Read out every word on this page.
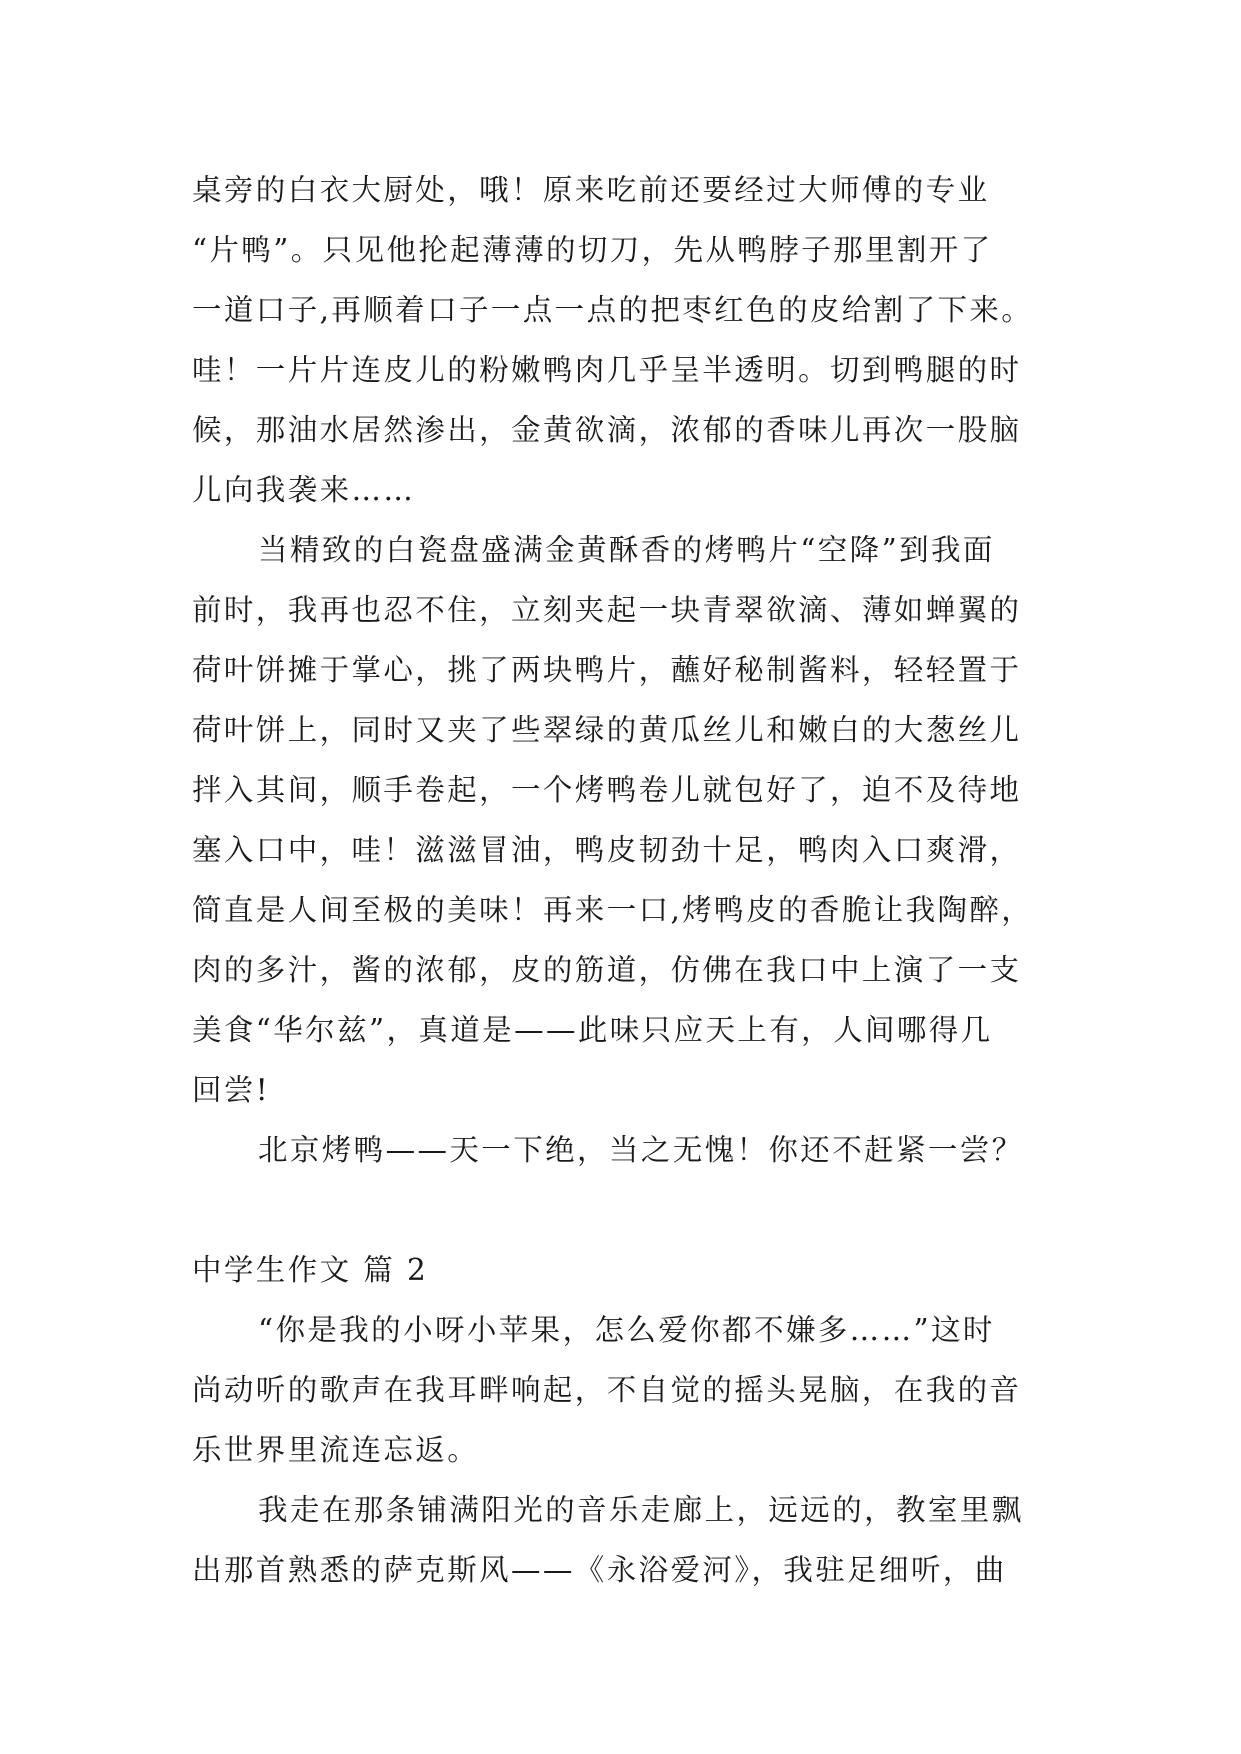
桌旁的白衣大厨处，哦！原来吃前还要经过大师傅的专业
“片鸭”。只见他抡起薄薄的切刀，先从鸭脖子那里割开了
一道口子,再顺着口子一点一点的把枣红色的皮给割了下来。
哇！一片片连皮儿的粉嫩鸭肉几乎呈半透明。切到鸭腿的时
候，那油水居然渗出，金黄欲滴，浓郁的香味儿再次一股脑
儿向我袭来……
当精致的白瓷盘盛满金黄酥香的烤鸭片“空降”到我面
前时，我再也忍不住，立刻夹起一块青翠欲滴、薄如蝉翼的
荷叶饼摊于掌心，挑了两块鸭片，蘸好秘制酱料，轻轻置于
荷叶饼上，同时又夹了些翠绿的黄瓜丝儿和嫩白的大葱丝儿
拌入其间，顺手卷起，一个烤鸭卷儿就包好了，迫不及待地
塞入口中，哇！滋滋冒油，鸭皮韧劲十足，鸭肉入口爽滑，
简直是人间至极的美味！再来一口,烤鸭皮的香脆让我陶醉，
肉的多汁，酱的浓郁，皮的筋道，仿佛在我口中上演了一支
美食“华尔兹”，真道是——此味只应天上有，人间哪得几
回尝!
北京烤鸭——天一下绝，当之无愧！你还不赶紧一尝？
中学生作文 篇 2
“你是我的小呀小苹果，怎么爱你都不嫌多……”这时
尚动听的歌声在我耳畔响起，不自觉的摇头晃脑，在我的音
乐世界里流连忘返。
我走在那条铺满阳光的音乐走廊上，远远的，教室里飘
出那首熟悉的萨克斯风——《永浴爱河》，我驻足细听，曲
